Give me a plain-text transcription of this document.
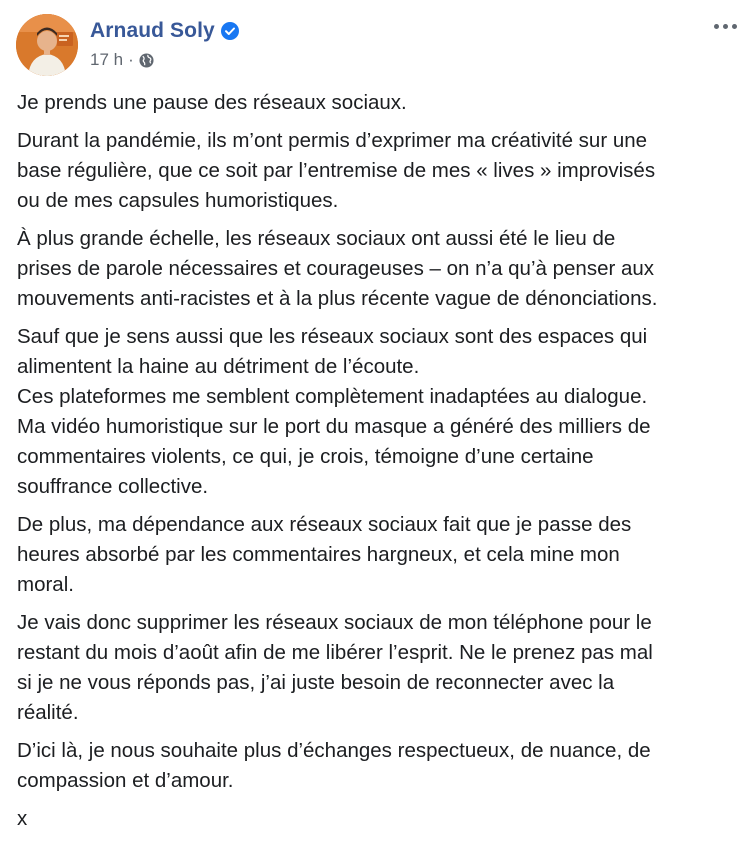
Arnaud Soly
17 h ·

Je prends une pause des réseaux sociaux.

Durant la pandémie, ils m’ont permis d’exprimer ma créativité sur une
base régulière, que ce soit par l’entremise de mes « lives » improvisés
ou de mes capsules humoristiques.

À plus grande échelle, les réseaux sociaux ont aussi été le lieu de
prises de parole nécessaires et courageuses – on n’a qu’à penser aux
mouvements anti-racistes et à la plus récente vague de dénonciations.

Sauf que je sens aussi que les réseaux sociaux sont des espaces qui
alimentent la haine au détriment de l’écoute.
Ces plateformes me semblent complètement inadaptées au dialogue.
Ma vidéo humoristique sur le port du masque a généré des milliers de
commentaires violents, ce qui, je crois, témoigne d’une certaine
souffrance collective.

De plus, ma dépendance aux réseaux sociaux fait que je passe des
heures absorbé par les commentaires hargneux, et cela mine mon
moral.

Je vais donc supprimer les réseaux sociaux de mon téléphone pour le
restant du mois d’août afin de me libérer l’esprit. Ne le prenez pas mal
si je ne vous réponds pas, j’ai juste besoin de reconnecter avec la
réalité.

D’ici là, je nous souhaite plus d’échanges respectueux, de nuance, de
compassion et d’amour.

x
